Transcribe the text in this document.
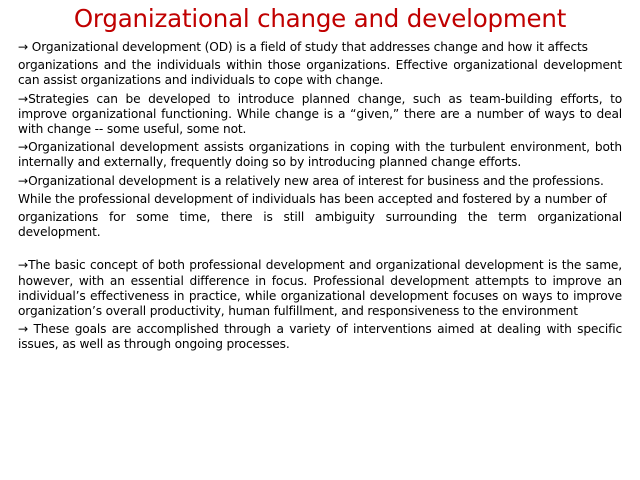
Organizational change and development

→ Organizational development (OD) is a field of study that addresses change and how it affects

organizations and the individuals within those organizations. Effective organizational development can assist organizations and individuals to cope with change.

→Strategies can be developed to introduce planned change, such as team-building efforts, to improve organizational functioning. While change is a “given,” there are a number of ways to deal with change -- some useful, some not.

→Organizational development assists organizations in coping with the turbulent environment, both internally and externally, frequently doing so by introducing planned change efforts.

→Organizational development is a relatively new area of interest for business and the professions.

While the professional development of individuals has been accepted and fostered by a number of

organizations for some time, there is still ambiguity surrounding the term organizational development.

→The basic concept of both professional development and organizational development is the same, however, with an essential difference in focus. Professional development attempts to improve an individual’s effectiveness in practice, while organizational development focuses on ways to improve organization’s overall productivity, human fulfillment, and responsiveness to the environment

→ These goals are accomplished through a variety of interventions aimed at dealing with specific issues, as well as through ongoing processes.
